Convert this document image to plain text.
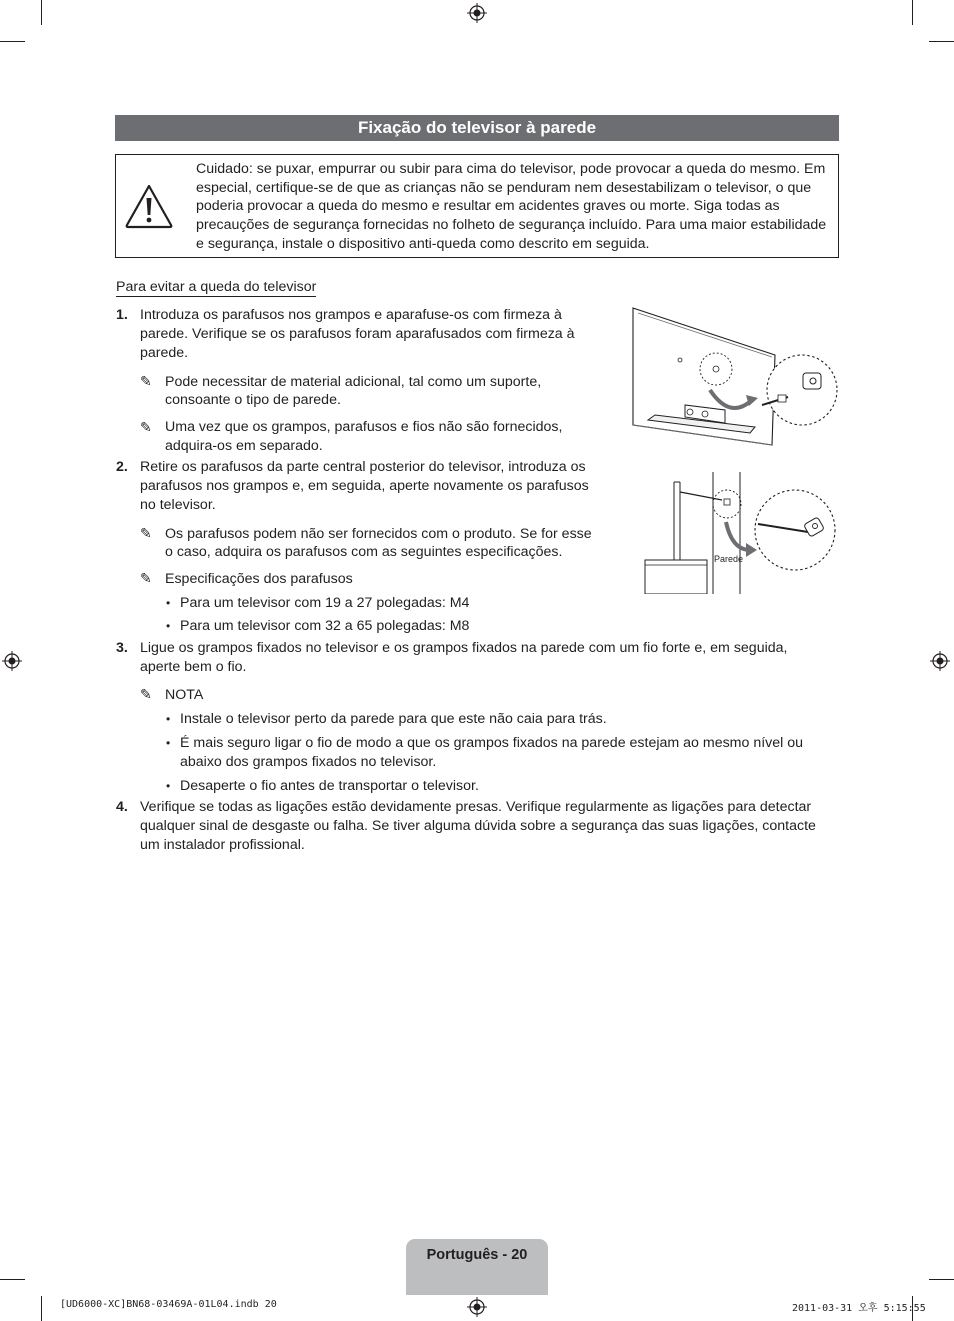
Fixação do televisor à parede
Cuidado: se puxar, empurrar ou subir para cima do televisor, pode provocar a queda do mesmo. Em especial, certifique-se de que as crianças não se penduram nem desestabilizam o televisor, o que poderia provocar a queda do mesmo e resultar em acidentes graves ou morte. Siga todas as precauções de segurança fornecidas no folheto de segurança incluído. Para uma maior estabilidade e segurança, instale o dispositivo anti-queda como descrito em seguida.
Para evitar a queda do televisor
1. Introduza os parafusos nos grampos e aparafuse-os com firmeza à
parede. Verifique se os parafusos foram aparafusados com firmeza à
parede.
✎ Pode necessitar de material adicional, tal como um suporte,
consoante o tipo de parede.
✎ Uma vez que os grampos, parafusos e fios não são fornecidos,
adquira-os em separado.
2. Retire os parafusos da parte central posterior do televisor, introduza os
parafusos nos grampos e, em seguida, aperte novamente os parafusos
no televisor.
✎ Os parafusos podem não ser fornecidos com o produto. Se for esse
o caso, adquira os parafusos com as seguintes especificações.
✎ Especificações dos parafusos
• Para um televisor com 19 a 27 polegadas: M4
• Para um televisor com 32 a 65 polegadas: M8
3. Ligue os grampos fixados no televisor e os grampos fixados na parede com um fio forte e, em seguida,
aperte bem o fio.
✎ NOTA
• Instale o televisor perto da parede para que este não caia para trás.
• É mais seguro ligar o fio de modo a que os grampos fixados na parede estejam ao mesmo nível ou
abaixo dos grampos fixados no televisor.
• Desaperte o fio antes de transportar o televisor.
4. Verifique se todas as ligações estão devidamente presas. Verifique regularmente as ligações para detectar
qualquer sinal de desgaste ou falha. Se tiver alguma dúvida sobre a segurança das suas ligações, contacte
um instalador profissional.
Parede
Português - 20
[UD6000-XC]BN68-03469A-01L04.indb 20	2011-03-31 오후 5:15:55
